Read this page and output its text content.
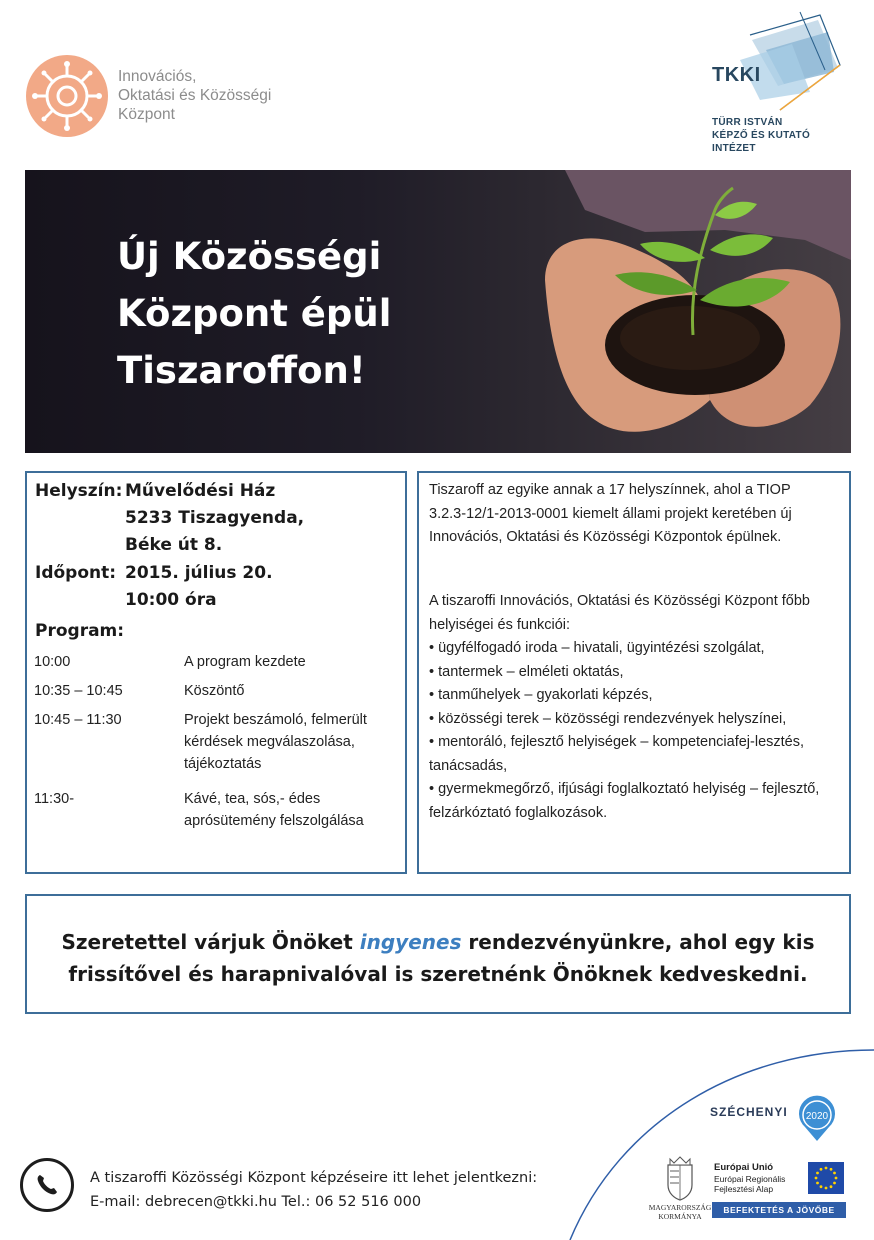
Innovációs,
Oktatási és Közösségi
Központ
TKKI
TÜRR ISTVÁN
KÉPZŐ ÉS KUTATÓ
INTÉZET
Új Közösségi
Központ épül
Tiszaroffon!
Helyszín: Művelődési Ház
5233 Tiszagyenda,
Béke út 8.
Időpont: 2015. július 20.
10:00 óra
Program:
10:00	A program kezdete
10:35 – 10:45	Köszöntő
10:45 – 11:30	Projekt beszámoló, felmerült kérdések megválaszolása, tájékoztatás
11:30-	Kávé, tea, sós,- édes aprósütemény felszolgálása

Tiszaroff az egyike annak a 17 helyszínnek, ahol a TIOP 3.2.3-12/1-2013-0001 kiemelt állami projekt keretében új Innovációs, Oktatási és Közösségi Központok épülnek.

A tiszaroffi Innovációs, Oktatási és Közösségi Központ főbb helyiségei és funkciói:

• ügyfélfogadó iroda – hivatali, ügyintézési szolgálat,

• tantermek – elméleti oktatás,

• tanműhelyek – gyakorlati képzés,

• közösségi terek – közösségi rendezvények helyszínei,

• mentoráló, fejlesztő helyiségek – kompetenciafej-lesztés, tanácsadás,

• gyermekmegőrző, ifjúsági foglalkoztató helyiség – fejlesztő, felzárkóztató foglalkozások.

Szeretettel várjuk Önöket ingyenes rendezvényünkre, ahol egy kis frissítővel és harapnivalóval is szeretnénk Önöknek kedveskedni.
A tiszaroffi Közösségi Központ képzéseire itt lehet jelentkezni:
E-mail: debrecen@tkki.hu Tel.: 06 52 516 000
SZÉCHENYI 2020
MAGYARORSZÁG
KORMÁNYA
Európai Unió
Európai Regionális
Fejlesztési Alap
BEFEKTETÉS A JÖVŐBE
